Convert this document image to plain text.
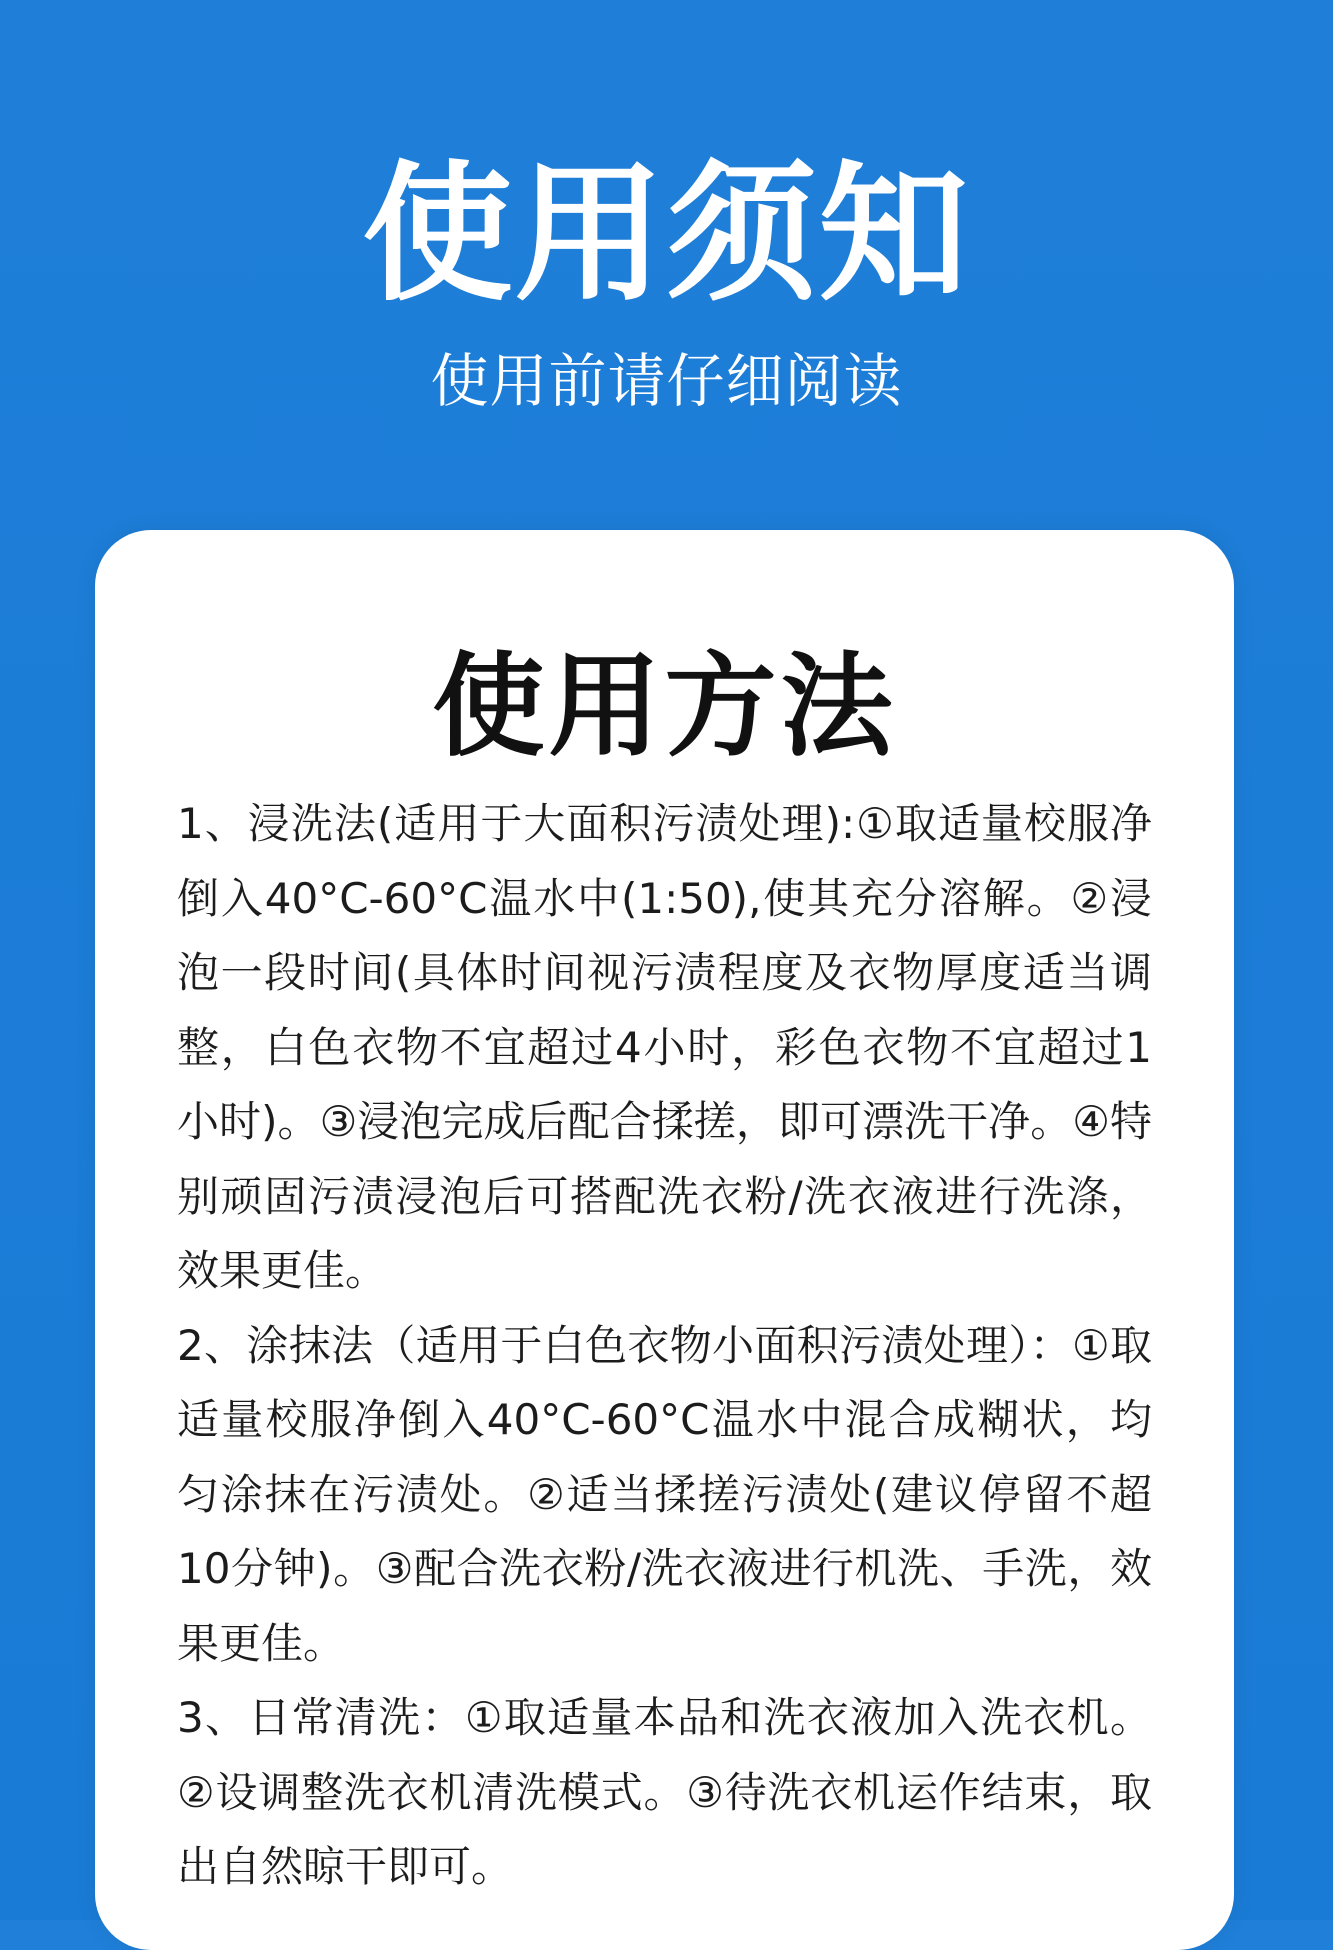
使用须知
使用前请仔细阅读
使用方法

1、浸洗法(适用于大面积污渍处理):①取适量校服净倒入40°C-60°C温水中(1:50),使其充分溶解。②浸泡一段时间(具体时间视污渍程度及衣物厚度适当调整，白色衣物不宜超过4小时，彩色衣物不宜超过1小时)。③浸泡完成后配合揉搓，即可漂洗干净。④特别顽固污渍浸泡后可搭配洗衣粉/洗衣液进行洗涤，效果更佳。

2、涂抹法（适用于白色衣物小面积污渍处理）：①取适量校服净倒入40°C-60°C温水中混合成糊状，均匀涂抹在污渍处。②适当揉搓污渍处(建议停留不超10分钟)。③配合洗衣粉/洗衣液进行机洗、手洗，效果更佳。

3、日常清洗：①取适量本品和洗衣液加入洗衣机。②设调整洗衣机清洗模式。③待洗衣机运作结束，取出自然晾干即可。
